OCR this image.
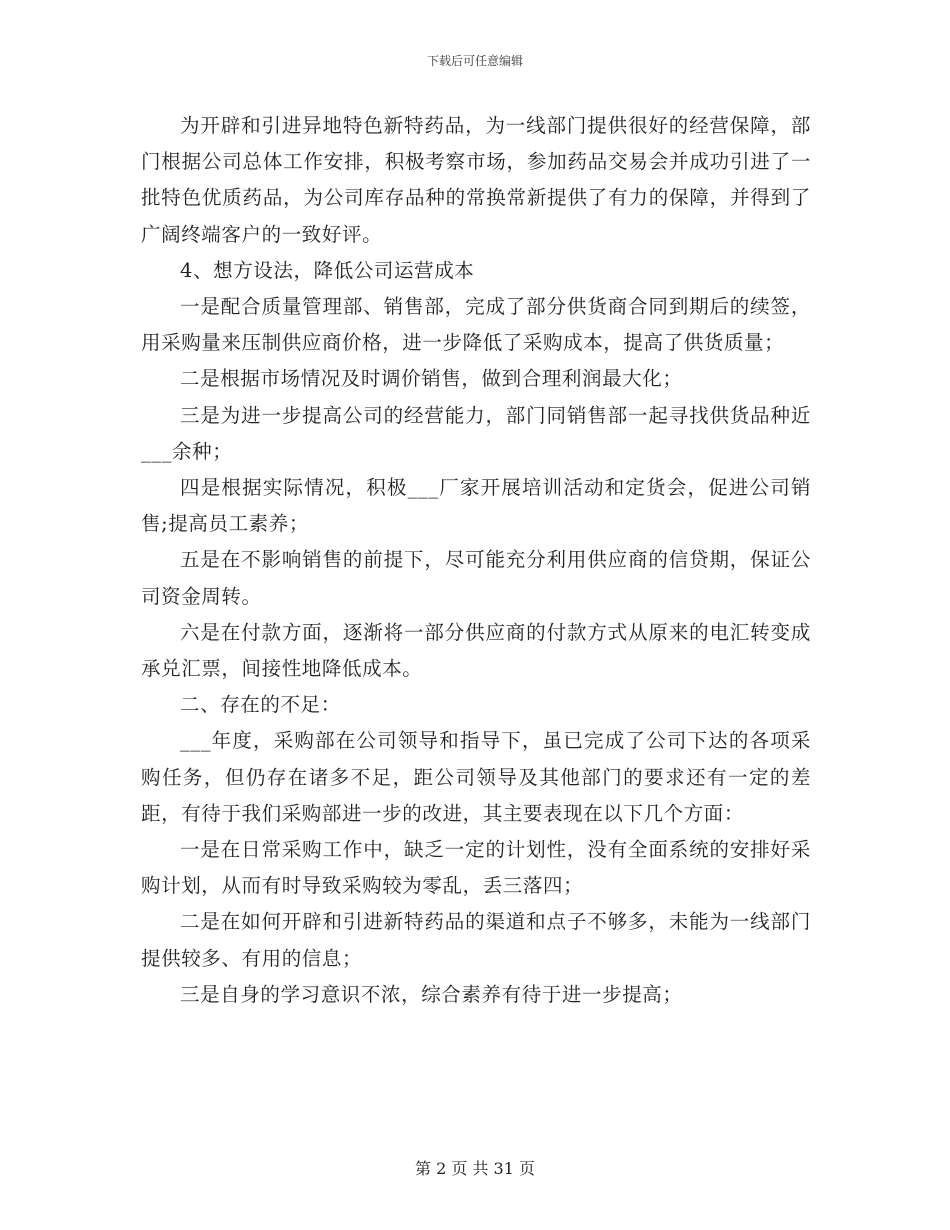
下载后可任意编辑

为开辟和引进异地特色新特药品，为一线部门提供很好的经营保障，部门根据公司总体工作安排，积极考察市场，参加药品交易会并成功引进了一批特色优质药品，为公司库存品种的常换常新提供了有力的保障，并得到了广阔终端客户的一致好评。

4、想方设法，降低公司运营成本

一是配合质量管理部、销售部，完成了部分供货商合同到期后的续签，用采购量来压制供应商价格，进一步降低了采购成本，提高了供货质量；

二是根据市场情况及时调价销售，做到合理利润最大化；

三是为进一步提高公司的经营能力，部门同销售部一起寻找供货品种近___余种；

四是根据实际情况，积极___厂家开展培训活动和定货会，促进公司销售;提高员工素养；

五是在不影响销售的前提下，尽可能充分利用供应商的信贷期，保证公司资金周转。

六是在付款方面，逐渐将一部分供应商的付款方式从原来的电汇转变成承兑汇票，间接性地降低成本。

二、存在的不足：

___年度，采购部在公司领导和指导下，虽已完成了公司下达的各项采购任务，但仍存在诸多不足，距公司领导及其他部门的要求还有一定的差距，有待于我们采购部进一步的改进，其主要表现在以下几个方面：

一是在日常采购工作中，缺乏一定的计划性，没有全面系统的安排好采购计划，从而有时导致采购较为零乱，丢三落四；

二是在如何开辟和引进新特药品的渠道和点子不够多，未能为一线部门提供较多、有用的信息；

三是自身的学习意识不浓，综合素养有待于进一步提高；

第 2 页 共 31 页
